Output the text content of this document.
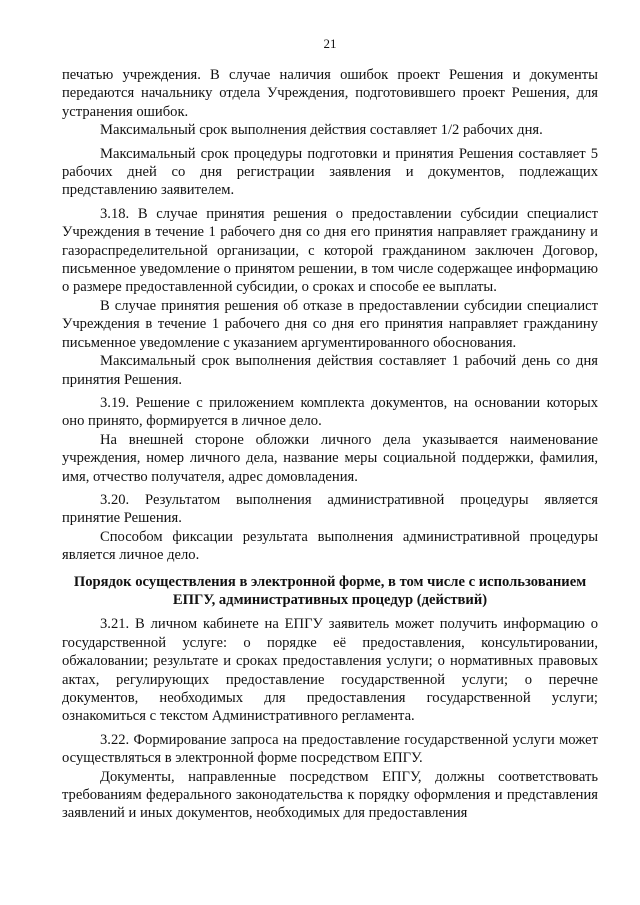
21

печатью учреждения. В случае наличия ошибок проект Решения и документы передаются начальнику отдела Учреждения, подготовившего проект Решения, для устранения ошибок.

Максимальный срок выполнения действия составляет 1/2 рабочих дня.

Максимальный срок процедуры подготовки и принятия Решения составляет 5 рабочих дней со дня регистрации заявления и документов, подлежащих представлению заявителем.

3.18. В случае принятия решения о предоставлении субсидии специалист Учреждения в течение 1 рабочего дня со дня его принятия направляет гражданину и газораспределительной организации, с которой гражданином заключен Договор, письменное уведомление о принятом решении, в том числе содержащее информацию о размере предоставленной субсидии, о сроках и способе ее выплаты.

В случае принятия решения об отказе в предоставлении субсидии специалист Учреждения в течение 1 рабочего дня со дня его принятия направляет гражданину письменное уведомление с указанием аргументированного обоснования.

Максимальный срок выполнения действия составляет 1 рабочий день со дня принятия Решения.

3.19. Решение с приложением комплекта документов, на основании которых оно принято, формируется в личное дело.

На внешней стороне обложки личного дела указывается наименование учреждения, номер личного дела, название меры социальной поддержки, фамилия, имя, отчество получателя, адрес домовладения.

3.20. Результатом выполнения административной процедуры является принятие Решения.

Способом фиксации результата выполнения административной процедуры является личное дело.

Порядок осуществления в электронной форме, в том числе с использованием ЕПГУ, административных процедур (действий)

3.21. В личном кабинете на ЕПГУ заявитель может получить информацию о государственной услуге: о порядке её предоставления, консультировании, обжаловании; результате и сроках предоставления услуги; о нормативных правовых актах, регулирующих предоставление государственной услуги; о перечне документов, необходимых для предоставления государственной услуги; ознакомиться с текстом Административного регламента.

3.22. Формирование запроса на предоставление государственной услуги может осуществляться в электронной форме посредством ЕПГУ.

Документы, направленные посредством ЕПГУ, должны соответствовать требованиям федерального законодательства к порядку оформления и представления заявлений и иных документов, необходимых для предоставления
